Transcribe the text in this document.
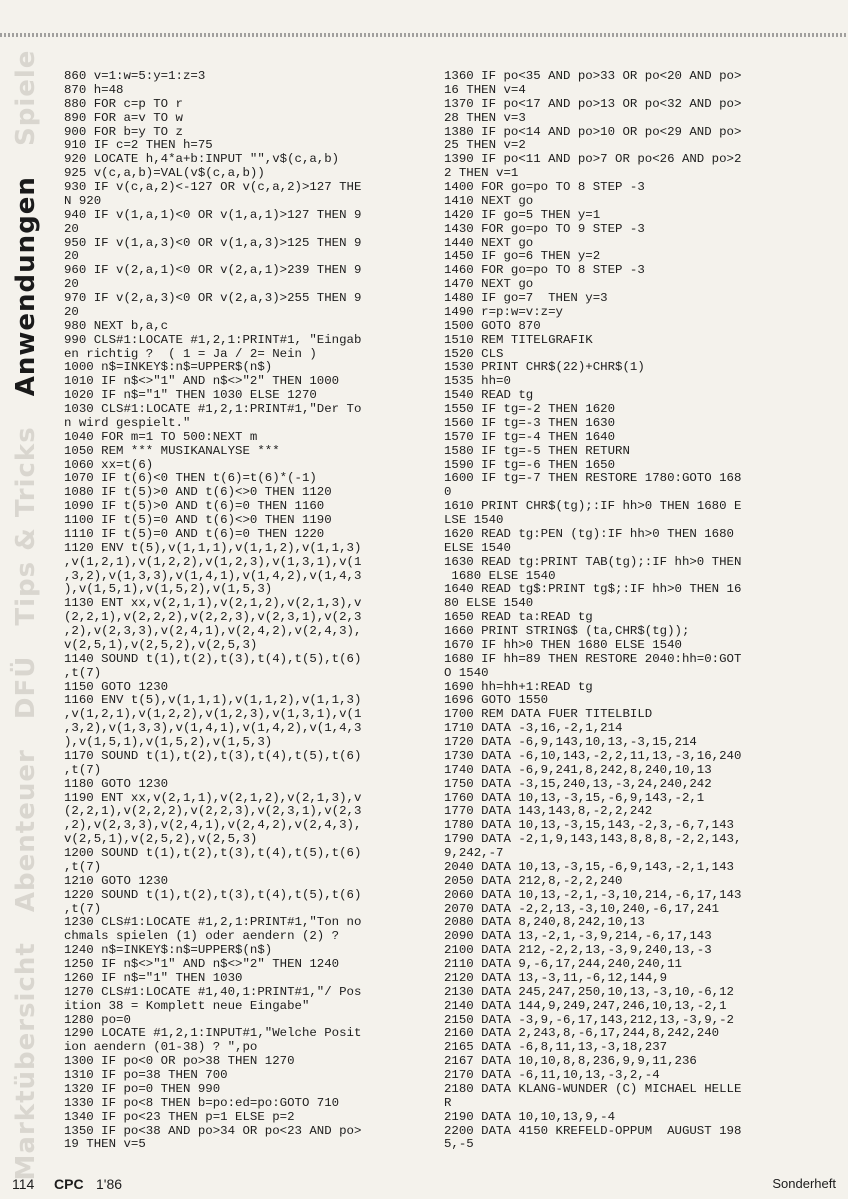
Marktübersicht Abenteuer DFÜ Tips & Tricks Anwendungen Spiele 860 v=1:w=5:y=1:z=3
870 h=48
880 FOR c=p TO r
890 FOR a=v TO w
900 FOR b=y TO z
910 IF c=2 THEN h=75
920 LOCATE h,4*a+b:INPUT "",v$(c,a,b)
925 v(c,a,b)=VAL(v$(c,a,b))
930 IF v(c,a,2)<-127 OR v(c,a,2)>127 THE
N 920
940 IF v(1,a,1)<0 OR v(1,a,1)>127 THEN 9
20
950 IF v(1,a,3)<0 OR v(1,a,3)>125 THEN 9
20
960 IF v(2,a,1)<0 OR v(2,a,1)>239 THEN 9
20
970 IF v(2,a,3)<0 OR v(2,a,3)>255 THEN 9
20
980 NEXT b,a,c
990 CLS#1:LOCATE #1,2,1:PRINT#1, "Eingab
en richtig ?  ( 1 = Ja / 2= Nein )
1000 n$=INKEY$:n$=UPPER$(n$)
1010 IF n$<>"1" AND n$<>"2" THEN 1000
1020 IF n$="1" THEN 1030 ELSE 1270
1030 CLS#1:LOCATE #1,2,1:PRINT#1,"Der To
n wird gespielt."
1040 FOR m=1 TO 500:NEXT m
1050 REM *** MUSIKANALYSE ***
1060 xx=t(6)
1070 IF t(6)<0 THEN t(6)=t(6)*(-1)
1080 IF t(5)>0 AND t(6)<>0 THEN 1120
1090 IF t(5)>0 AND t(6)=0 THEN 1160
1100 IF t(5)=0 AND t(6)<>0 THEN 1190
1110 IF t(5)=0 AND t(6)=0 THEN 1220
1120 ENV t(5),v(1,1,1),v(1,1,2),v(1,1,3)
,v(1,2,1),v(1,2,2),v(1,2,3),v(1,3,1),v(1
,3,2),v(1,3,3),v(1,4,1),v(1,4,2),v(1,4,3
),v(1,5,1),v(1,5,2),v(1,5,3)
1130 ENT xx,v(2,1,1),v(2,1,2),v(2,1,3),v
(2,2,1),v(2,2,2),v(2,2,3),v(2,3,1),v(2,3
,2),v(2,3,3),v(2,4,1),v(2,4,2),v(2,4,3),
v(2,5,1),v(2,5,2),v(2,5,3)
1140 SOUND t(1),t(2),t(3),t(4),t(5),t(6)
,t(7)
1150 GOTO 1230
1160 ENV t(5),v(1,1,1),v(1,1,2),v(1,1,3)
,v(1,2,1),v(1,2,2),v(1,2,3),v(1,3,1),v(1
,3,2),v(1,3,3),v(1,4,1),v(1,4,2),v(1,4,3
),v(1,5,1),v(1,5,2),v(1,5,3)
1170 SOUND t(1),t(2),t(3),t(4),t(5),t(6)
,t(7)
1180 GOTO 1230
1190 ENT xx,v(2,1,1),v(2,1,2),v(2,1,3),v
(2,2,1),v(2,2,2),v(2,2,3),v(2,3,1),v(2,3
,2),v(2,3,3),v(2,4,1),v(2,4,2),v(2,4,3),
v(2,5,1),v(2,5,2),v(2,5,3)
1200 SOUND t(1),t(2),t(3),t(4),t(5),t(6)
,t(7)
1210 GOTO 1230
1220 SOUND t(1),t(2),t(3),t(4),t(5),t(6)
,t(7)
1230 CLS#1:LOCATE #1,2,1:PRINT#1,"Ton no
chmals spielen (1) oder aendern (2) ?
1240 n$=INKEY$:n$=UPPER$(n$)
1250 IF n$<>"1" AND n$<>"2" THEN 1240
1260 IF n$="1" THEN 1030
1270 CLS#1:LOCATE #1,40,1:PRINT#1,"/ Pos
ition 38 = Komplett neue Eingabe"
1280 po=0
1290 LOCATE #1,2,1:INPUT#1,"Welche Posit
ion aendern (01-38) ? ",po
1300 IF po<0 OR po>38 THEN 1270
1310 IF po=38 THEN 700
1320 IF po=0 THEN 990
1330 IF po<8 THEN b=po:ed=po:GOTO 710
1340 IF po<23 THEN p=1 ELSE p=2
1350 IF po<38 AND po>34 OR po<23 AND po>
19 THEN v=5
1360 IF po<35 AND po>33 OR po<20 AND po>
16 THEN v=4
1370 IF po<17 AND po>13 OR po<32 AND po>
28 THEN v=3
1380 IF po<14 AND po>10 OR po<29 AND po>
25 THEN v=2
1390 IF po<11 AND po>7 OR po<26 AND po>2
2 THEN v=1
1400 FOR go=po TO 8 STEP -3
1410 NEXT go
1420 IF go=5 THEN y=1
1430 FOR go=po TO 9 STEP -3
1440 NEXT go
1450 IF go=6 THEN y=2
1460 FOR go=po TO 8 STEP -3
1470 NEXT go
1480 IF go=7  THEN y=3
1490 r=p:w=v:z=y
1500 GOTO 870
1510 REM TITELGRAFIK
1520 CLS
1530 PRINT CHR$(22)+CHR$(1)
1535 hh=0
1540 READ tg
1550 IF tg=-2 THEN 1620
1560 IF tg=-3 THEN 1630
1570 IF tg=-4 THEN 1640
1580 IF tg=-5 THEN RETURN
1590 IF tg=-6 THEN 1650
1600 IF tg=-7 THEN RESTORE 1780:GOTO 168
0
1610 PRINT CHR$(tg);:IF hh>0 THEN 1680 E
LSE 1540
1620 READ tg:PEN (tg):IF hh>0 THEN 1680
ELSE 1540
1630 READ tg:PRINT TAB(tg);:IF hh>0 THEN
1680 ELSE 1540
1640 READ tg$:PRINT tg$;:IF hh>0 THEN 16
80 ELSE 1540
1650 READ ta:READ tg
1660 PRINT STRING$ (ta,CHR$(tg));
1670 IF hh>0 THEN 1680 ELSE 1540
1680 IF hh=89 THEN RESTORE 2040:hh=0:GOT
O 1540
1690 hh=hh+1:READ tg
1696 GOTO 1550
1700 REM DATA FUER TITELBILD
1710 DATA -3,16,-2,1,214
1720 DATA -6,9,143,10,13,-3,15,214
1730 DATA -6,10,143,-2,2,11,13,-3,16,240
1740 DATA -6,9,241,8,242,8,240,10,13
1750 DATA -3,15,240,13,-3,24,240,242
1760 DATA 10,13,-3,15,-6,9,143,-2,1
1770 DATA 143,143,8,-2,2,242
1780 DATA 10,13,-3,15,143,-2,3,-6,7,143
1790 DATA -2,1,9,143,143,8,8,8,-2,2,143,
9,242,-7
2040 DATA 10,13,-3,15,-6,9,143,-2,1,143
2050 DATA 212,8,-2,2,240
2060 DATA 10,13,-2,1,-3,10,214,-6,17,143
2070 DATA -2,2,13,-3,10,240,-6,17,241
2080 DATA 8,240,8,242,10,13
2090 DATA 13,-2,1,-3,9,214,-6,17,143
2100 DATA 212,-2,2,13,-3,9,240,13,-3
2110 DATA 9,-6,17,244,240,240,11
2120 DATA 13,-3,11,-6,12,144,9
2130 DATA 245,247,250,10,13,-3,10,-6,12
2140 DATA 144,9,249,247,246,10,13,-2,1
2150 DATA -3,9,-6,17,143,212,13,-3,9,-2
2160 DATA 2,243,8,-6,17,244,8,242,240
2165 DATA -6,8,11,13,-3,18,237
2167 DATA 10,10,8,8,236,9,9,11,236
2170 DATA -6,11,10,13,-3,2,-4
2180 DATA KLANG-WUNDER (C) MICHAEL HELLE
R
2190 DATA 10,10,13,9,-4
2200 DATA 4150 KREFELD-OPPUM  AUGUST 198
5,-5
114 CPC 1'86	Sonderheft
